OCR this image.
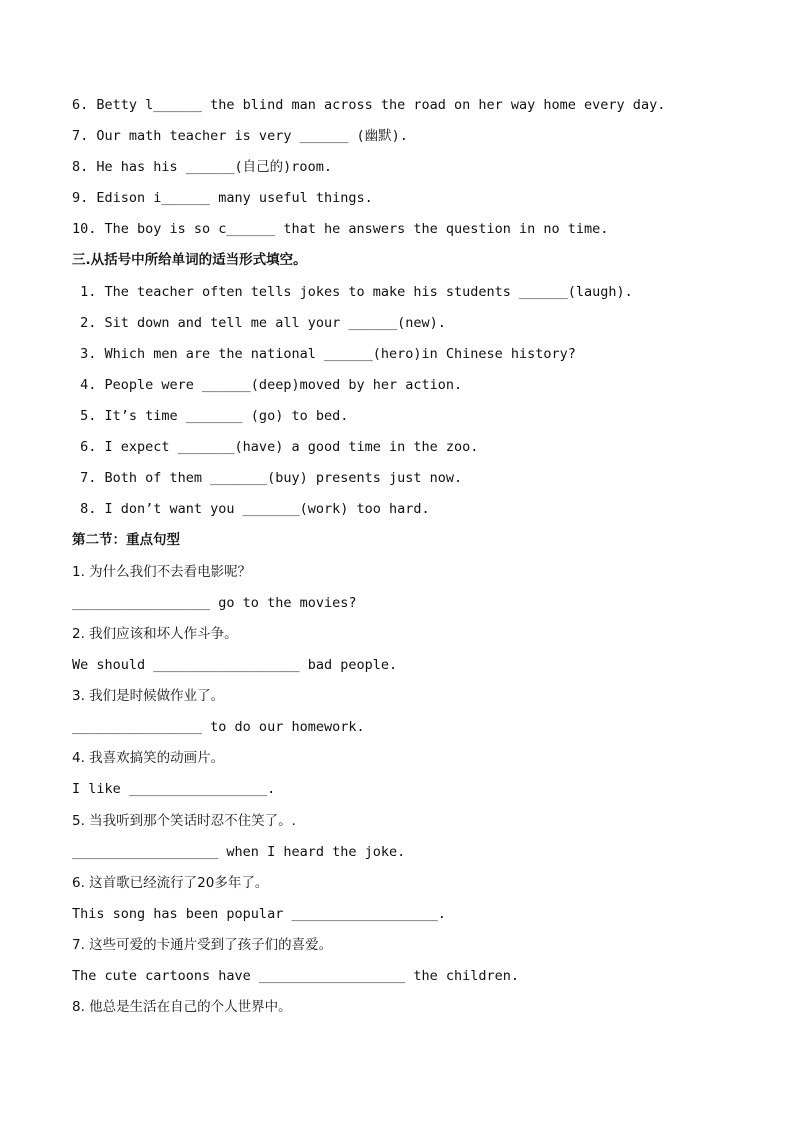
6. Betty l______ the blind man across the road on her way home every day.
7. Our math teacher is very ______ (幽默).
8. He has his ______(自己的)room.
9. Edison i______ many useful things.
10. The boy is so c______ that he answers the question in no time.
三.从括号中所给单词的适当形式填空。
1. The teacher often tells jokes to make his students ______(laugh).
2. Sit down and tell me all your ______(new).
3. Which men are the national ______(hero)in Chinese history?
4. People were ______(deep)moved by her action.
5. It’s time _______ (go) to bed.
6. I expect _______(have) a good time in the zoo.
7. Both of them _______(buy) presents just now.
8. I don’t want you _______(work) too hard.
第二节：重点句型
1. 为什么我们不去看电影呢？
_________________ go to the movies?
2. 我们应该和坏人作斗争。
We should __________________ bad people.
3. 我们是时候做作业了。
________________ to do our homework.
4. 我喜欢搞笑的动画片。
I like _________________.
5. 当我听到那个笑话时忍不住笑了。.
__________________ when I heard the joke.
6. 这首歌已经流行了20多年了。
This song has been popular __________________.
7. 这些可爱的卡通片受到了孩子们的喜爱。
The cute cartoons have __________________ the children.
8. 他总是生活在自己的个人世界中。
